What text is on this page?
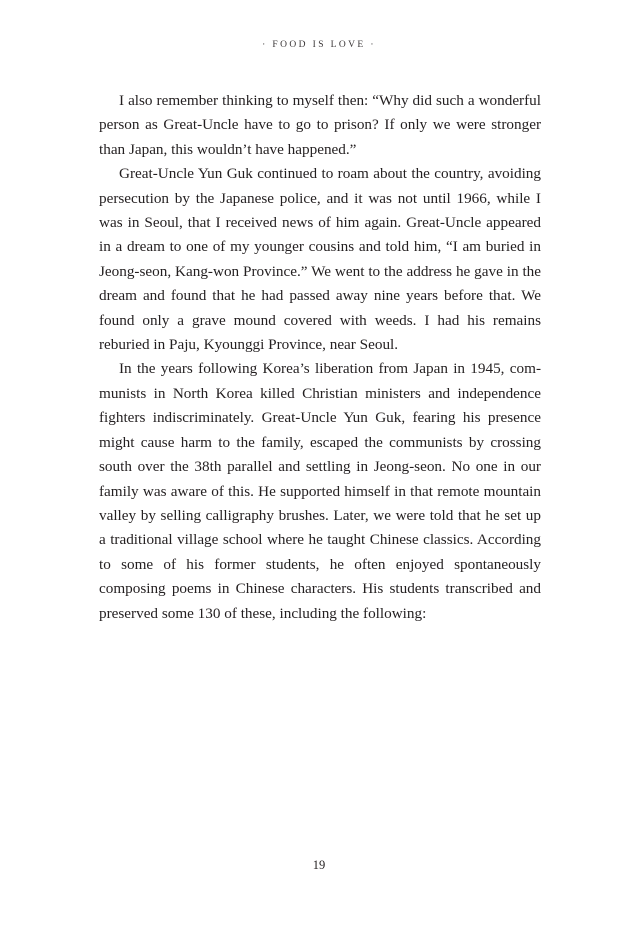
· FOOD IS LOVE ·

I also remember thinking to myself then: “Why did such a wonderful person as Great-Uncle have to go to prison? If only we were stronger than Japan, this wouldn’t have happened.”

Great-Uncle Yun Guk continued to roam about the country, avoiding persecution by the Japanese police, and it was not until 1966, while I was in Seoul, that I received news of him again. Great-Uncle appeared in a dream to one of my younger cousins and told him, “I am buried in Jeong-seon, Kang-won Province.” We went to the address he gave in the dream and found that he had passed away nine years before that. We found only a grave mound covered with weeds. I had his remains reburied in Paju, Kyounggi Province, near Seoul.

In the years following Korea’s liberation from Japan in 1945, communists in North Korea killed Christian ministers and independence fighters indiscriminately. Great-Uncle Yun Guk, fearing his presence might cause harm to the family, escaped the communists by crossing south over the 38th parallel and settling in Jeong-seon. No one in our family was aware of this. He supported himself in that remote mountain valley by selling calligraphy brushes. Later, we were told that he set up a traditional village school where he taught Chinese classics. According to some of his former students, he often enjoyed spontaneously composing poems in Chinese characters. His students transcribed and preserved some 130 of these, including the following:

19
